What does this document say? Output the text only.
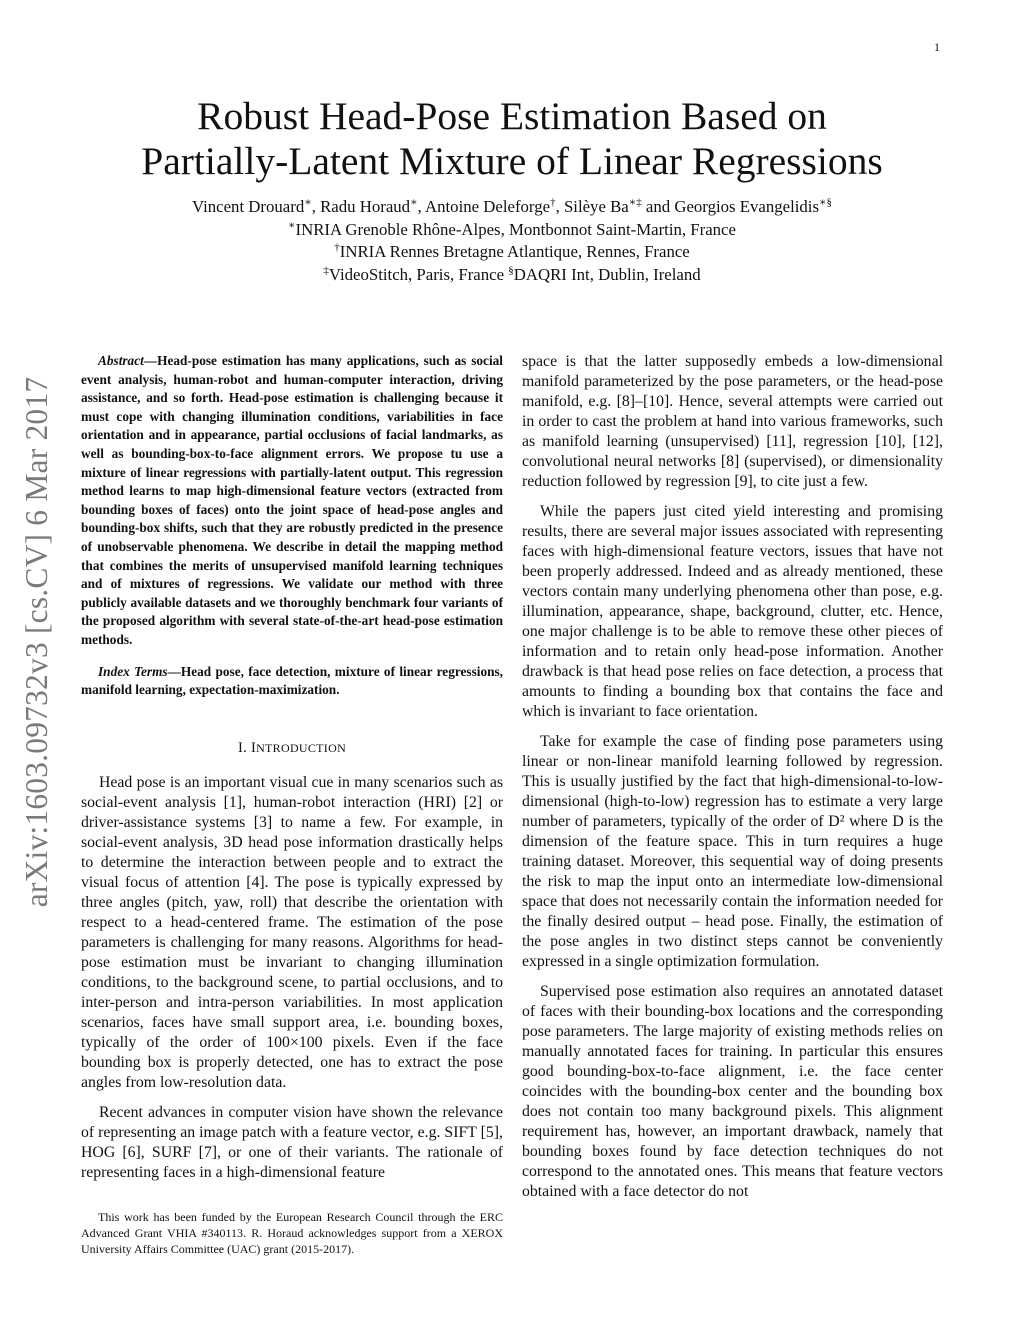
1
arXiv:1603.09732v3 [cs.CV] 6 Mar 2017
Robust Head-Pose Estimation Based on
Partially-Latent Mixture of Linear Regressions
Vincent Drouard∗, Radu Horaud∗, Antoine Deleforge†, Silèye Ba∗‡ and Georgios Evangelidis∗§
∗INRIA Grenoble Rhône-Alpes, Montbonnot Saint-Martin, France
†INRIA Rennes Bretagne Atlantique, Rennes, France
‡VideoStitch, Paris, France §DAQRI Int, Dublin, Ireland

Abstract—Head-pose estimation has many applications, such as social event analysis, human-robot and human-computer interaction, driving assistance, and so forth. Head-pose estimation is challenging because it must cope with changing illumination conditions, variabilities in face orientation and in appearance, partial occlusions of facial landmarks, as well as bounding-box-to-face alignment errors. We propose tu use a mixture of linear regressions with partially-latent output. This regression method learns to map high-dimensional feature vectors (extracted from bounding boxes of faces) onto the joint space of head-pose angles and bounding-box shifts, such that they are robustly predicted in the presence of unobservable phenomena. We describe in detail the mapping method that combines the merits of unsupervised manifold learning techniques and of mixtures of regressions. We validate our method with three publicly available datasets and we thoroughly benchmark four variants of the proposed algorithm with several state-of-the-art head-pose estimation methods.

Index Terms—Head pose, face detection, mixture of linear regressions, manifold learning, expectation-maximization.

I. INTRODUCTION

Head pose is an important visual cue in many scenarios such as social-event analysis [1], human-robot interaction (HRI) [2] or driver-assistance systems [3] to name a few. For example, in social-event analysis, 3D head pose information drastically helps to determine the interaction between people and to extract the visual focus of attention [4]. The pose is typically expressed by three angles (pitch, yaw, roll) that describe the orientation with respect to a head-centered frame. The estimation of the pose parameters is challenging for many reasons. Algorithms for head-pose estimation must be invariant to changing illumination conditions, to the background scene, to partial occlusions, and to inter-person and intra-person variabilities. In most application scenarios, faces have small support area, i.e. bounding boxes, typically of the order of 100×100 pixels. Even if the face bounding box is properly detected, one has to extract the pose angles from low-resolution data.

Recent advances in computer vision have shown the relevance of representing an image patch with a feature vector, e.g. SIFT [5], HOG [6], SURF [7], or one of their variants. The rationale of representing faces in a high-dimensional feature

This work has been funded by the European Research Council through the ERC Advanced Grant VHIA #340113. R. Horaud acknowledges support from a XEROX University Affairs Committee (UAC) grant (2015-2017).

space is that the latter supposedly embeds a low-dimensional manifold parameterized by the pose parameters, or the head-pose manifold, e.g. [8]–[10]. Hence, several attempts were carried out in order to cast the problem at hand into various frameworks, such as manifold learning (unsupervised) [11], regression [10], [12], convolutional neural networks [8] (supervised), or dimensionality reduction followed by regression [9], to cite just a few.

While the papers just cited yield interesting and promising results, there are several major issues associated with representing faces with high-dimensional feature vectors, issues that have not been properly addressed. Indeed and as already mentioned, these vectors contain many underlying phenomena other than pose, e.g. illumination, appearance, shape, background, clutter, etc. Hence, one major challenge is to be able to remove these other pieces of information and to retain only head-pose information. Another drawback is that head pose relies on face detection, a process that amounts to finding a bounding box that contains the face and which is invariant to face orientation.

Take for example the case of finding pose parameters using linear or non-linear manifold learning followed by regression. This is usually justified by the fact that high-dimensional-to-low-dimensional (high-to-low) regression has to estimate a very large number of parameters, typically of the order of D² where D is the dimension of the feature space. This in turn requires a huge training dataset. Moreover, this sequential way of doing presents the risk to map the input onto an intermediate low-dimensional space that does not necessarily contain the information needed for the finally desired output – head pose. Finally, the estimation of the pose angles in two distinct steps cannot be conveniently expressed in a single optimization formulation.

Supervised pose estimation also requires an annotated dataset of faces with their bounding-box locations and the corresponding pose parameters. The large majority of existing methods relies on manually annotated faces for training. In particular this ensures good bounding-box-to-face alignment, i.e. the face center coincides with the bounding-box center and the bounding box does not contain too many background pixels. This alignment requirement has, however, an important drawback, namely that bounding boxes found by face detection techniques do not correspond to the annotated ones. This means that feature vectors obtained with a face detector do not
